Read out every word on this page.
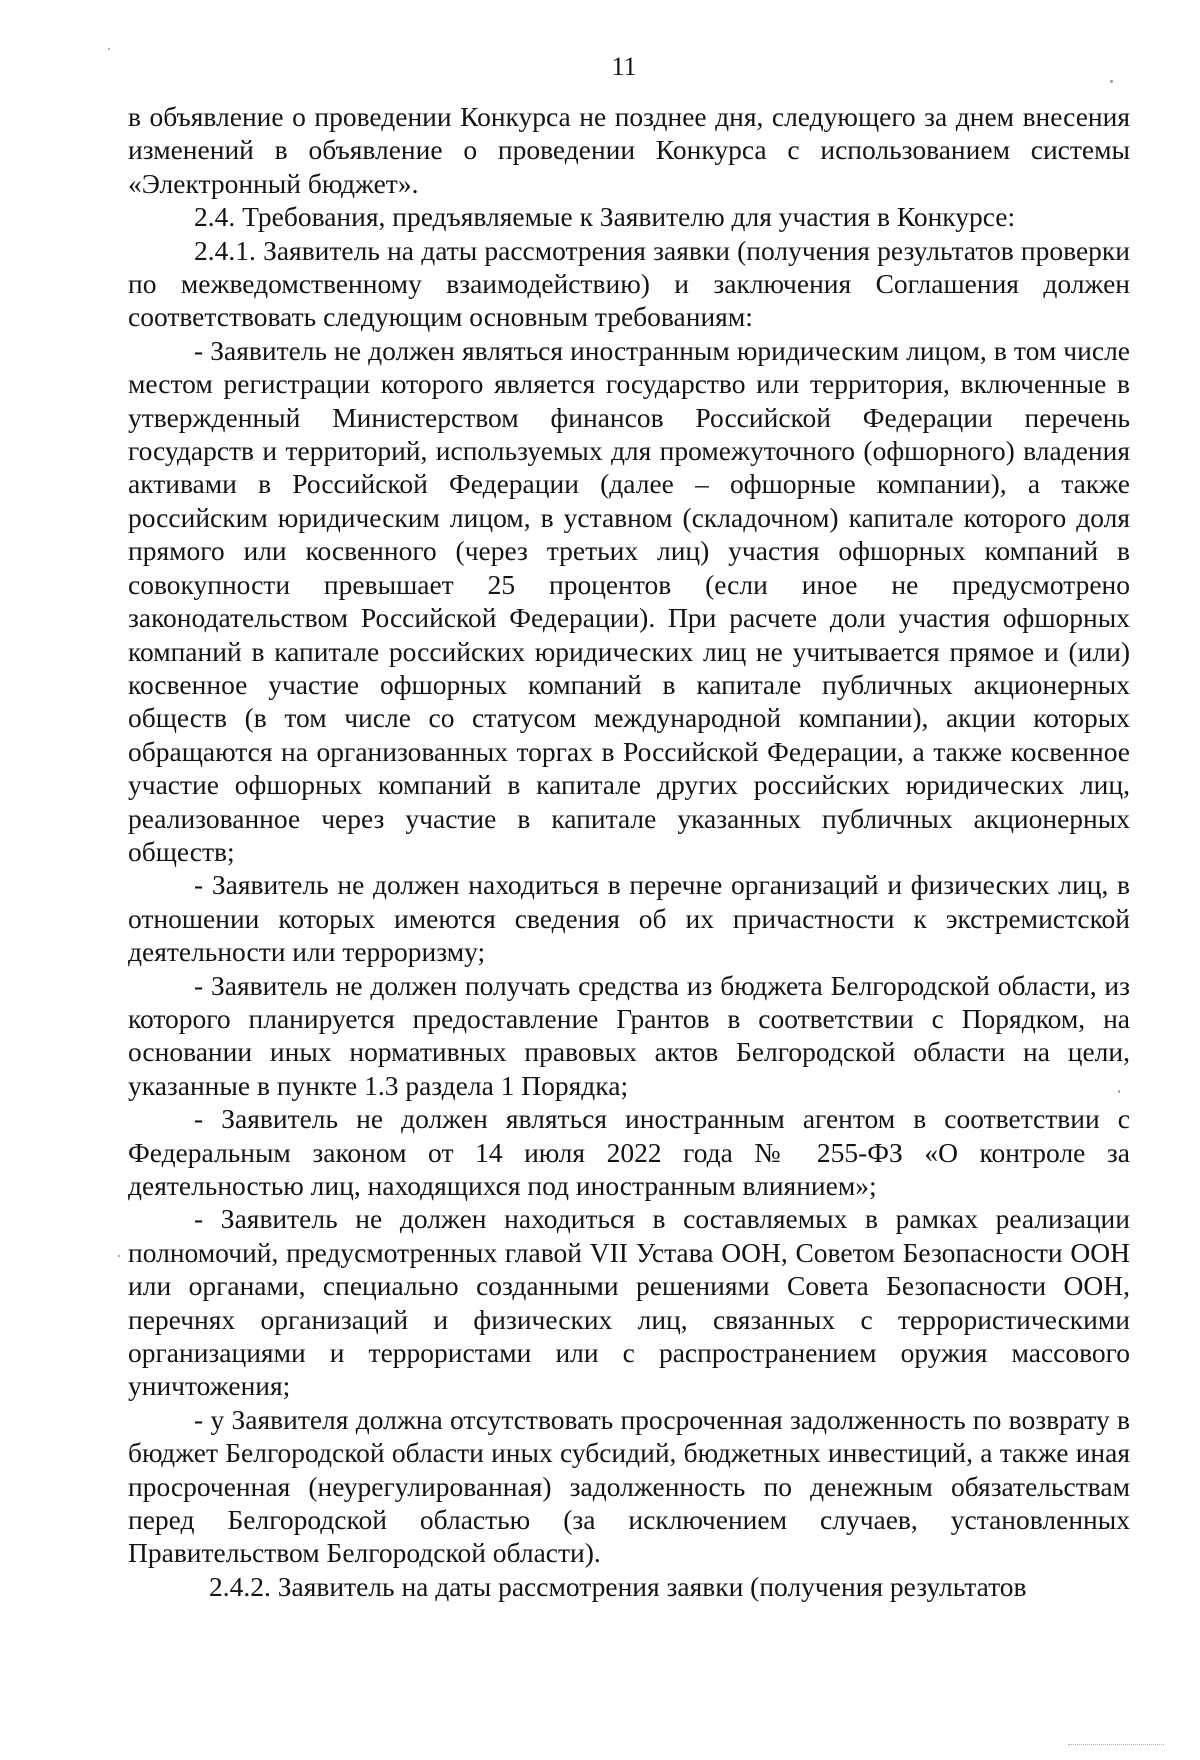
11

в объявление о проведении Конкурса не позднее дня, следующего за днем внесения изменений в объявление о проведении Конкурса с использованием системы «Электронный бюджет».

2.4. Требования, предъявляемые к Заявителю для участия в Конкурсе:

2.4.1. Заявитель на даты рассмотрения заявки (получения результатов проверки по межведомственному взаимодействию) и заключения Соглашения должен соответствовать следующим основным требованиям:

- Заявитель не должен являться иностранным юридическим лицом, в том числе местом регистрации которого является государство или территория, включенные в утвержденный Министерством финансов Российской Федерации перечень государств и территорий, используемых для промежуточного (офшорного) владения активами в Российской Федерации (далее – офшорные компании), а также российским юридическим лицом, в уставном (складочном) капитале которого доля прямого или косвенного (через третьих лиц) участия офшорных компаний в совокупности превышает 25 процентов (если иное не предусмотрено законодательством Российской Федерации). При расчете доли участия офшорных компаний в капитале российских юридических лиц не учитывается прямое и (или) косвенное участие офшорных компаний в капитале публичных акционерных обществ (в том числе со статусом международной компании), акции которых обращаются на организованных торгах в Российской Федерации, а также косвенное участие офшорных компаний в капитале других российских юридических лиц, реализованное через участие в капитале указанных публичных акционерных обществ;

- Заявитель не должен находиться в перечне организаций и физических лиц, в отношении которых имеются сведения об их причастности к экстремистской деятельности или терроризму;

- Заявитель не должен получать средства из бюджета Белгородской области, из которого планируется предоставление Грантов в соответствии с Порядком, на основании иных нормативных правовых актов Белгородской области на цели, указанные в пункте 1.3 раздела 1 Порядка;

- Заявитель не должен являться иностранным агентом в соответствии с Федеральным законом от 14 июля 2022 года № 255-ФЗ «О контроле за деятельностью лиц, находящихся под иностранным влиянием»;

- Заявитель не должен находиться в составляемых в рамках реализации полномочий, предусмотренных главой VII Устава ООН, Советом Безопасности ООН или органами, специально созданными решениями Совета Безопасности ООН, перечнях организаций и физических лиц, связанных с террористическими организациями и террористами или с распространением оружия массового уничтожения;

- у Заявителя должна отсутствовать просроченная задолженность по возврату в бюджет Белгородской области иных субсидий, бюджетных инвестиций, а также иная просроченная (неурегулированная) задолженность по денежным обязательствам перед Белгородской областью (за исключением случаев, установленных Правительством Белгородской области).

2.4.2. Заявитель на даты рассмотрения заявки (получения результатов
